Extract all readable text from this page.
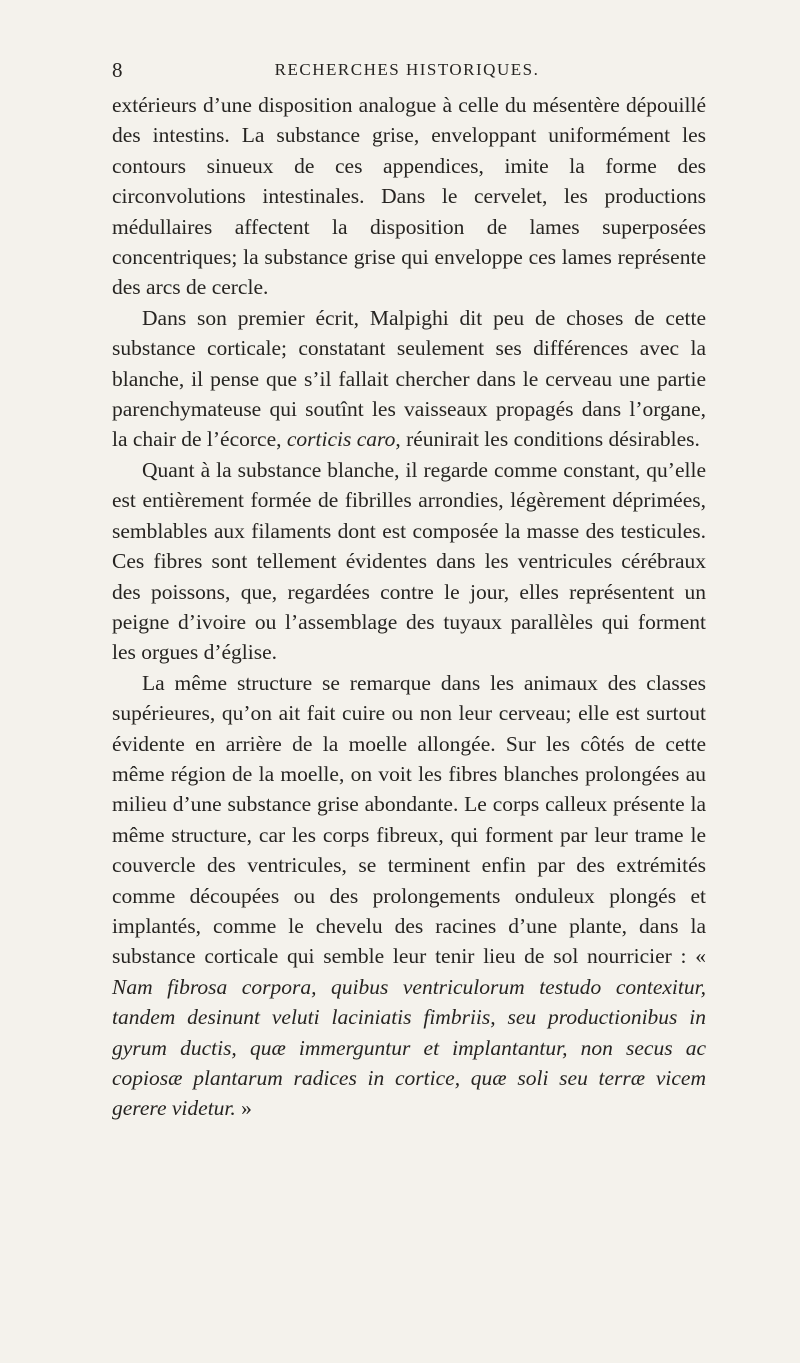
8	RECHERCHES HISTORIQUES.

extérieurs d’une disposition analogue à celle du mésentère dépouillé des intestins. La substance grise, enveloppant uniformément les contours sinueux de ces appendices, imite la forme des circonvolutions intestinales. Dans le cervelet, les productions médullaires affectent la disposition de lames superposées concentriques; la substance grise qui enveloppe ces lames représente des arcs de cercle.

Dans son premier écrit, Malpighi dit peu de choses de cette substance corticale; constatant seulement ses différences avec la blanche, il pense que s’il fallait chercher dans le cerveau une partie parenchymateuse qui soutînt les vaisseaux propagés dans l’organe, la chair de l’écorce, corticis caro, réunirait les conditions désirables.

Quant à la substance blanche, il regarde comme constant, qu’elle est entièrement formée de fibrilles arrondies, légèrement déprimées, semblables aux filaments dont est composée la masse des testicules. Ces fibres sont tellement évidentes dans les ventricules cérébraux des poissons, que, regardées contre le jour, elles représentent un peigne d’ivoire ou l’assemblage des tuyaux parallèles qui forment les orgues d’église.

La même structure se remarque dans les animaux des classes supérieures, qu’on ait fait cuire ou non leur cerveau; elle est surtout évidente en arrière de la moelle allongée. Sur les côtés de cette même région de la moelle, on voit les fibres blanches prolongées au milieu d’une substance grise abondante. Le corps calleux présente la même structure, car les corps fibreux, qui forment par leur trame le couvercle des ventricules, se terminent enfin par des extrémités comme découpées ou des prolongements onduleux plongés et implantés, comme le chevelu des racines d’une plante, dans la substance corticale qui semble leur tenir lieu de sol nourricier : « Nam fibrosa corpora, quibus ventriculorum testudo contexitur, tandem desinunt veluti laciniatis fimbriis, seu productionibus in gyrum ductis, quæ immerguntur et implantantur, non secus ac copiosæ plantarum radices in cortice, quæ soli seu terræ vicem gerere videtur. »
